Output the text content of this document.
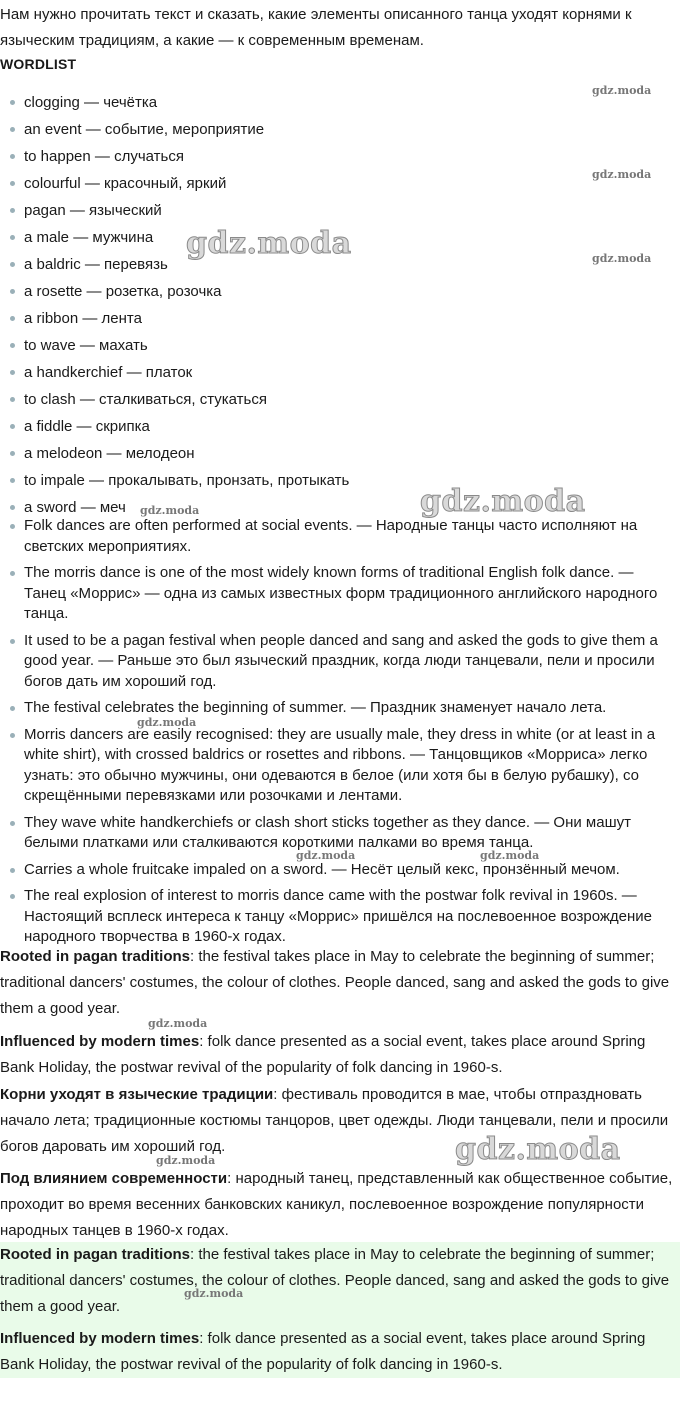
Нам нужно прочитать текст и сказать, какие элементы описанного танца уходят корнями к языческим традициям, а какие — к современным временам.

WORDLIST
clogging — чечётка
an event — событие, мероприятие
to happen — случаться
colourful — красочный, яркий
pagan — языческий
a male — мужчина
a baldric — перевязь
a rosette — розетка, розочка
a ribbon — лента
to wave — махать
a handkerchief — платок
to clash — сталкиваться, стукаться
a fiddle — скрипка
a melodeon — мелодеон
to impale — прокалывать, пронзать, протыкать
a sword — меч
Folk dances are often performed at social events. — Народные танцы часто исполняют на светских мероприятиях.
The morris dance is one of the most widely known forms of traditional English folk dance. — Танец «Моррис» — одна из самых известных форм традиционного английского народного танца.
It used to be a pagan festival when people danced and sang and asked the gods to give them a good year. — Раньше это был языческий праздник, когда люди танцевали, пели и просили богов дать им хороший год.
The festival celebrates the beginning of summer. — Праздник знаменует начало лета.
Morris dancers are easily recognised: they are usually male, they dress in white (or at least in a white shirt), with crossed baldrics or rosettes and ribbons. — Танцовщиков «Морриса» легко узнать: это обычно мужчины, они одеваются в белое (или хотя бы в белую рубашку), со скрещёнными перевязками или розочками и лентами.
They wave white handkerchiefs or clash short sticks together as they dance. — Они машут белыми платками или сталкиваются короткими палками во время танца.
Carries a whole fruitcake impaled on a sword. — Несёт целый кекс, пронзённый мечом.
The real explosion of interest to morris dance came with the postwar folk revival in 1960s. — Настоящий всплеск интереса к танцу «Моррис» пришёлся на послевоенное возрождение народного творчества в 1960-х годах.

Rooted in pagan traditions: the festival takes place in May to celebrate the beginning of summer; traditional dancers' costumes, the colour of clothes. People danced, sang and asked the gods to give them a good year.

Influenced by modern times: folk dance presented as a social event, takes place around Spring Bank Holiday, the postwar revival of the popularity of folk dancing in 1960-s.

Корни уходят в языческие традиции: фестиваль проводится в мае, чтобы отпраздновать начало лета; традиционные костюмы танцоров, цвет одежды. Люди танцевали, пели и просили богов даровать им хороший год.

Под влиянием современности: народный танец, представленный как общественное событие, проходит во время весенних банковских каникул, послевоенное возрождение популярности народных танцев в 1960-х годах.

Rooted in pagan traditions: the festival takes place in May to celebrate the beginning of summer; traditional dancers' costumes, the colour of clothes. People danced, sang and asked the gods to give them a good year.

Influenced by modern times: folk dance presented as a social event, takes place around Spring Bank Holiday, the postwar revival of the popularity of folk dancing in 1960-s.

gdz.moda
gdz.moda
gdz.moda
gdz.moda
gdz.moda
gdz.moda
gdz.moda
gdz.moda
gdz.moda	gdz.moda
gdz.moda
gdz.moda
gdz.moda
